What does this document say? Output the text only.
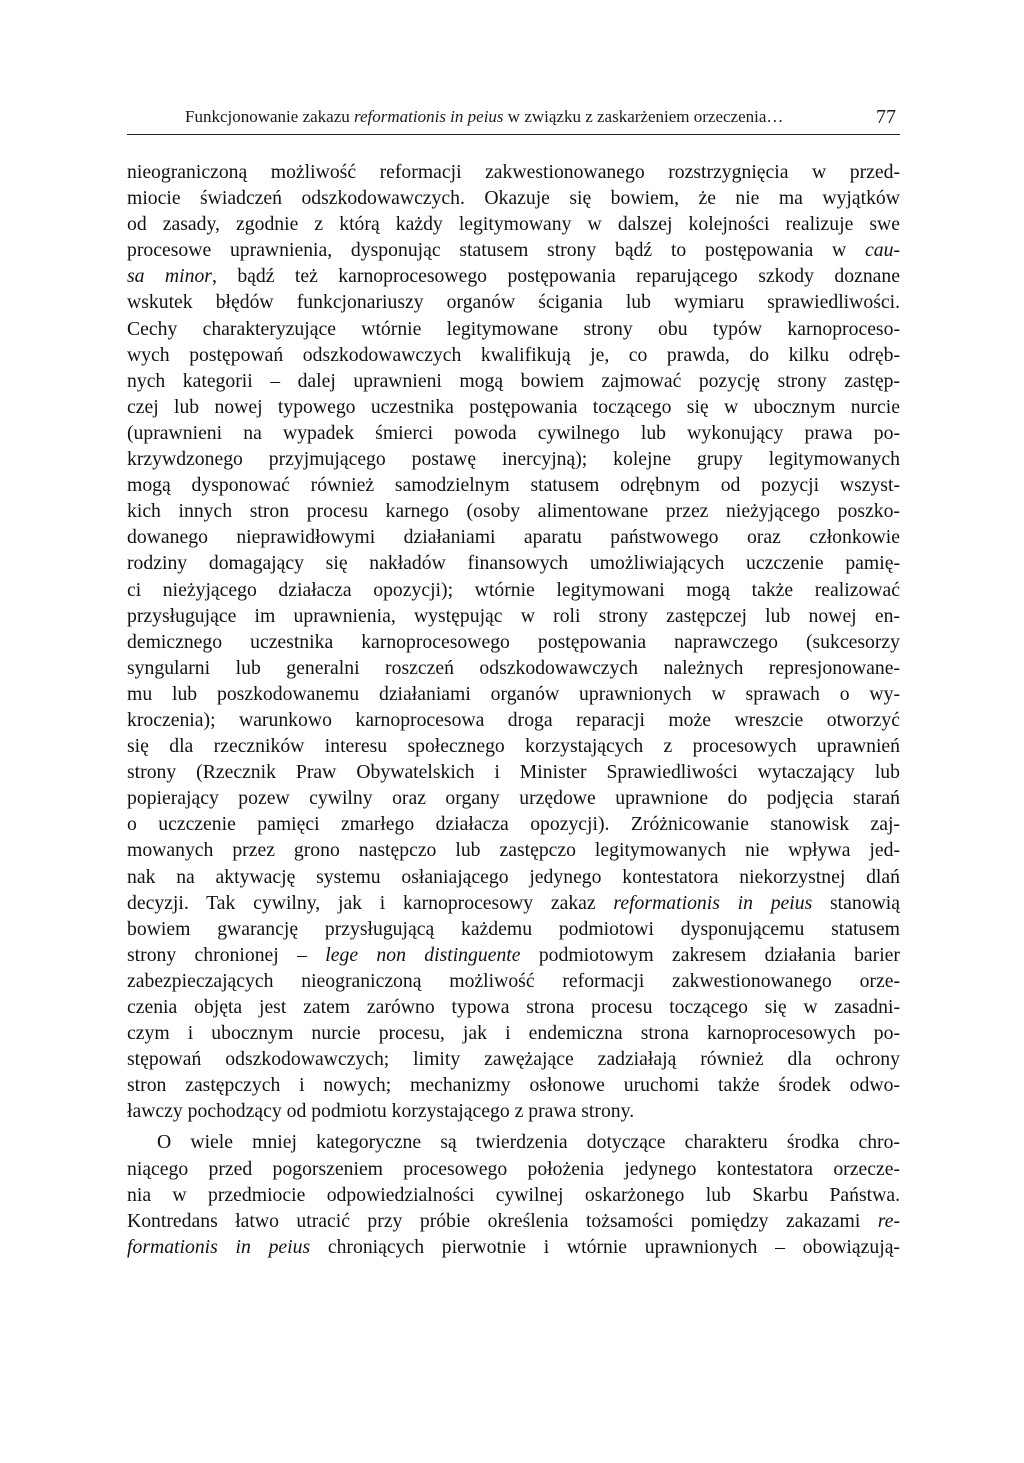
Funkcjonowanie zakazu reformationis in peius w związku z zaskarżeniem orzeczenia…	77
nieograniczoną możliwość reformacji zakwestionowanego rozstrzygnięcia w przed-
miocie świadczeń odszkodowawczych. Okazuje się bowiem, że nie ma wyjątków
od zasady, zgodnie z którą każdy legitymowany w dalszej kolejności realizuje swe
procesowe uprawnienia, dysponując statusem strony bądź to postępowania w cau-
sa minor, bądź też karnoprocesowego postępowania reparującego szkody doznane
wskutek błędów funkcjonariuszy organów ścigania lub wymiaru sprawiedliwości.
Cechy charakteryzujące wtórnie legitymowane strony obu typów karnoproceso-
wych postępowań odszkodowawczych kwalifikują je, co prawda, do kilku odręb-
nych kategorii – dalej uprawnieni mogą bowiem zajmować pozycję strony zastęp-
czej lub nowej typowego uczestnika postępowania toczącego się w ubocznym nurcie
(uprawnieni na wypadek śmierci powoda cywilnego lub wykonujący prawa po-
krzywdzonego przyjmującego postawę inercyjną); kolejne grupy legitymowanych
mogą dysponować również samodzielnym statusem odrębnym od pozycji wszyst-
kich innych stron procesu karnego (osoby alimentowane przez nieżyjącego poszko-
dowanego nieprawidłowymi działaniami aparatu państwowego oraz członkowie
rodziny domagający się nakładów finansowych umożliwiających uczczenie pamię-
ci nieżyjącego działacza opozycji); wtórnie legitymowani mogą także realizować
przysługujące im uprawnienia, występując w roli strony zastępczej lub nowej en-
demicznego uczestnika karnoprocesowego postępowania naprawczego (sukcesorzy
syngularni lub generalni roszczeń odszkodowawczych należnych represjonowane-
mu lub poszkodowanemu działaniami organów uprawnionych w sprawach o wy-
kroczenia); warunkowo karnoprocesowa droga reparacji może wreszcie otworzyć
się dla rzeczników interesu społecznego korzystających z procesowych uprawnień
strony (Rzecznik Praw Obywatelskich i Minister Sprawiedliwości wytaczający lub
popierający pozew cywilny oraz organy urzędowe uprawnione do podjęcia starań
o uczczenie pamięci zmarłego działacza opozycji). Zróżnicowanie stanowisk zaj-
mowanych przez grono następczo lub zastępczo legitymowanych nie wpływa jed-
nak na aktywację systemu osłaniającego jedynego kontestatora niekorzystnej dlań
decyzji. Tak cywilny, jak i karnoprocesowy zakaz reformationis in peius stanowią
bowiem gwarancję przysługującą każdemu podmiotowi dysponującemu statusem
strony chronionej – lege non distinguente podmiotowym zakresem działania barier
zabezpieczających nieograniczoną możliwość reformacji zakwestionowanego orze-
czenia objęta jest zatem zarówno typowa strona procesu toczącego się w zasadni-
czym i ubocznym nurcie procesu, jak i endemiczna strona karnoprocesowych po-
stępowań odszkodowawczych; limity zawężające zadziałają również dla ochrony
stron zastępczych i nowych; mechanizmy osłonowe uruchomi także środek odwo-
ławczy pochodzący od podmiotu korzystającego z prawa strony.
O wiele mniej kategoryczne są twierdzenia dotyczące charakteru środka chro-
niącego przed pogorszeniem procesowego położenia jedynego kontestatora orzecze-
nia w przedmiocie odpowiedzialności cywilnej oskarżonego lub Skarbu Państwa.
Kontredans łatwo utracić przy próbie określenia tożsamości pomiędzy zakazami re-
formationis in peius chroniących pierwotnie i wtórnie uprawnionych – obowiązują-
